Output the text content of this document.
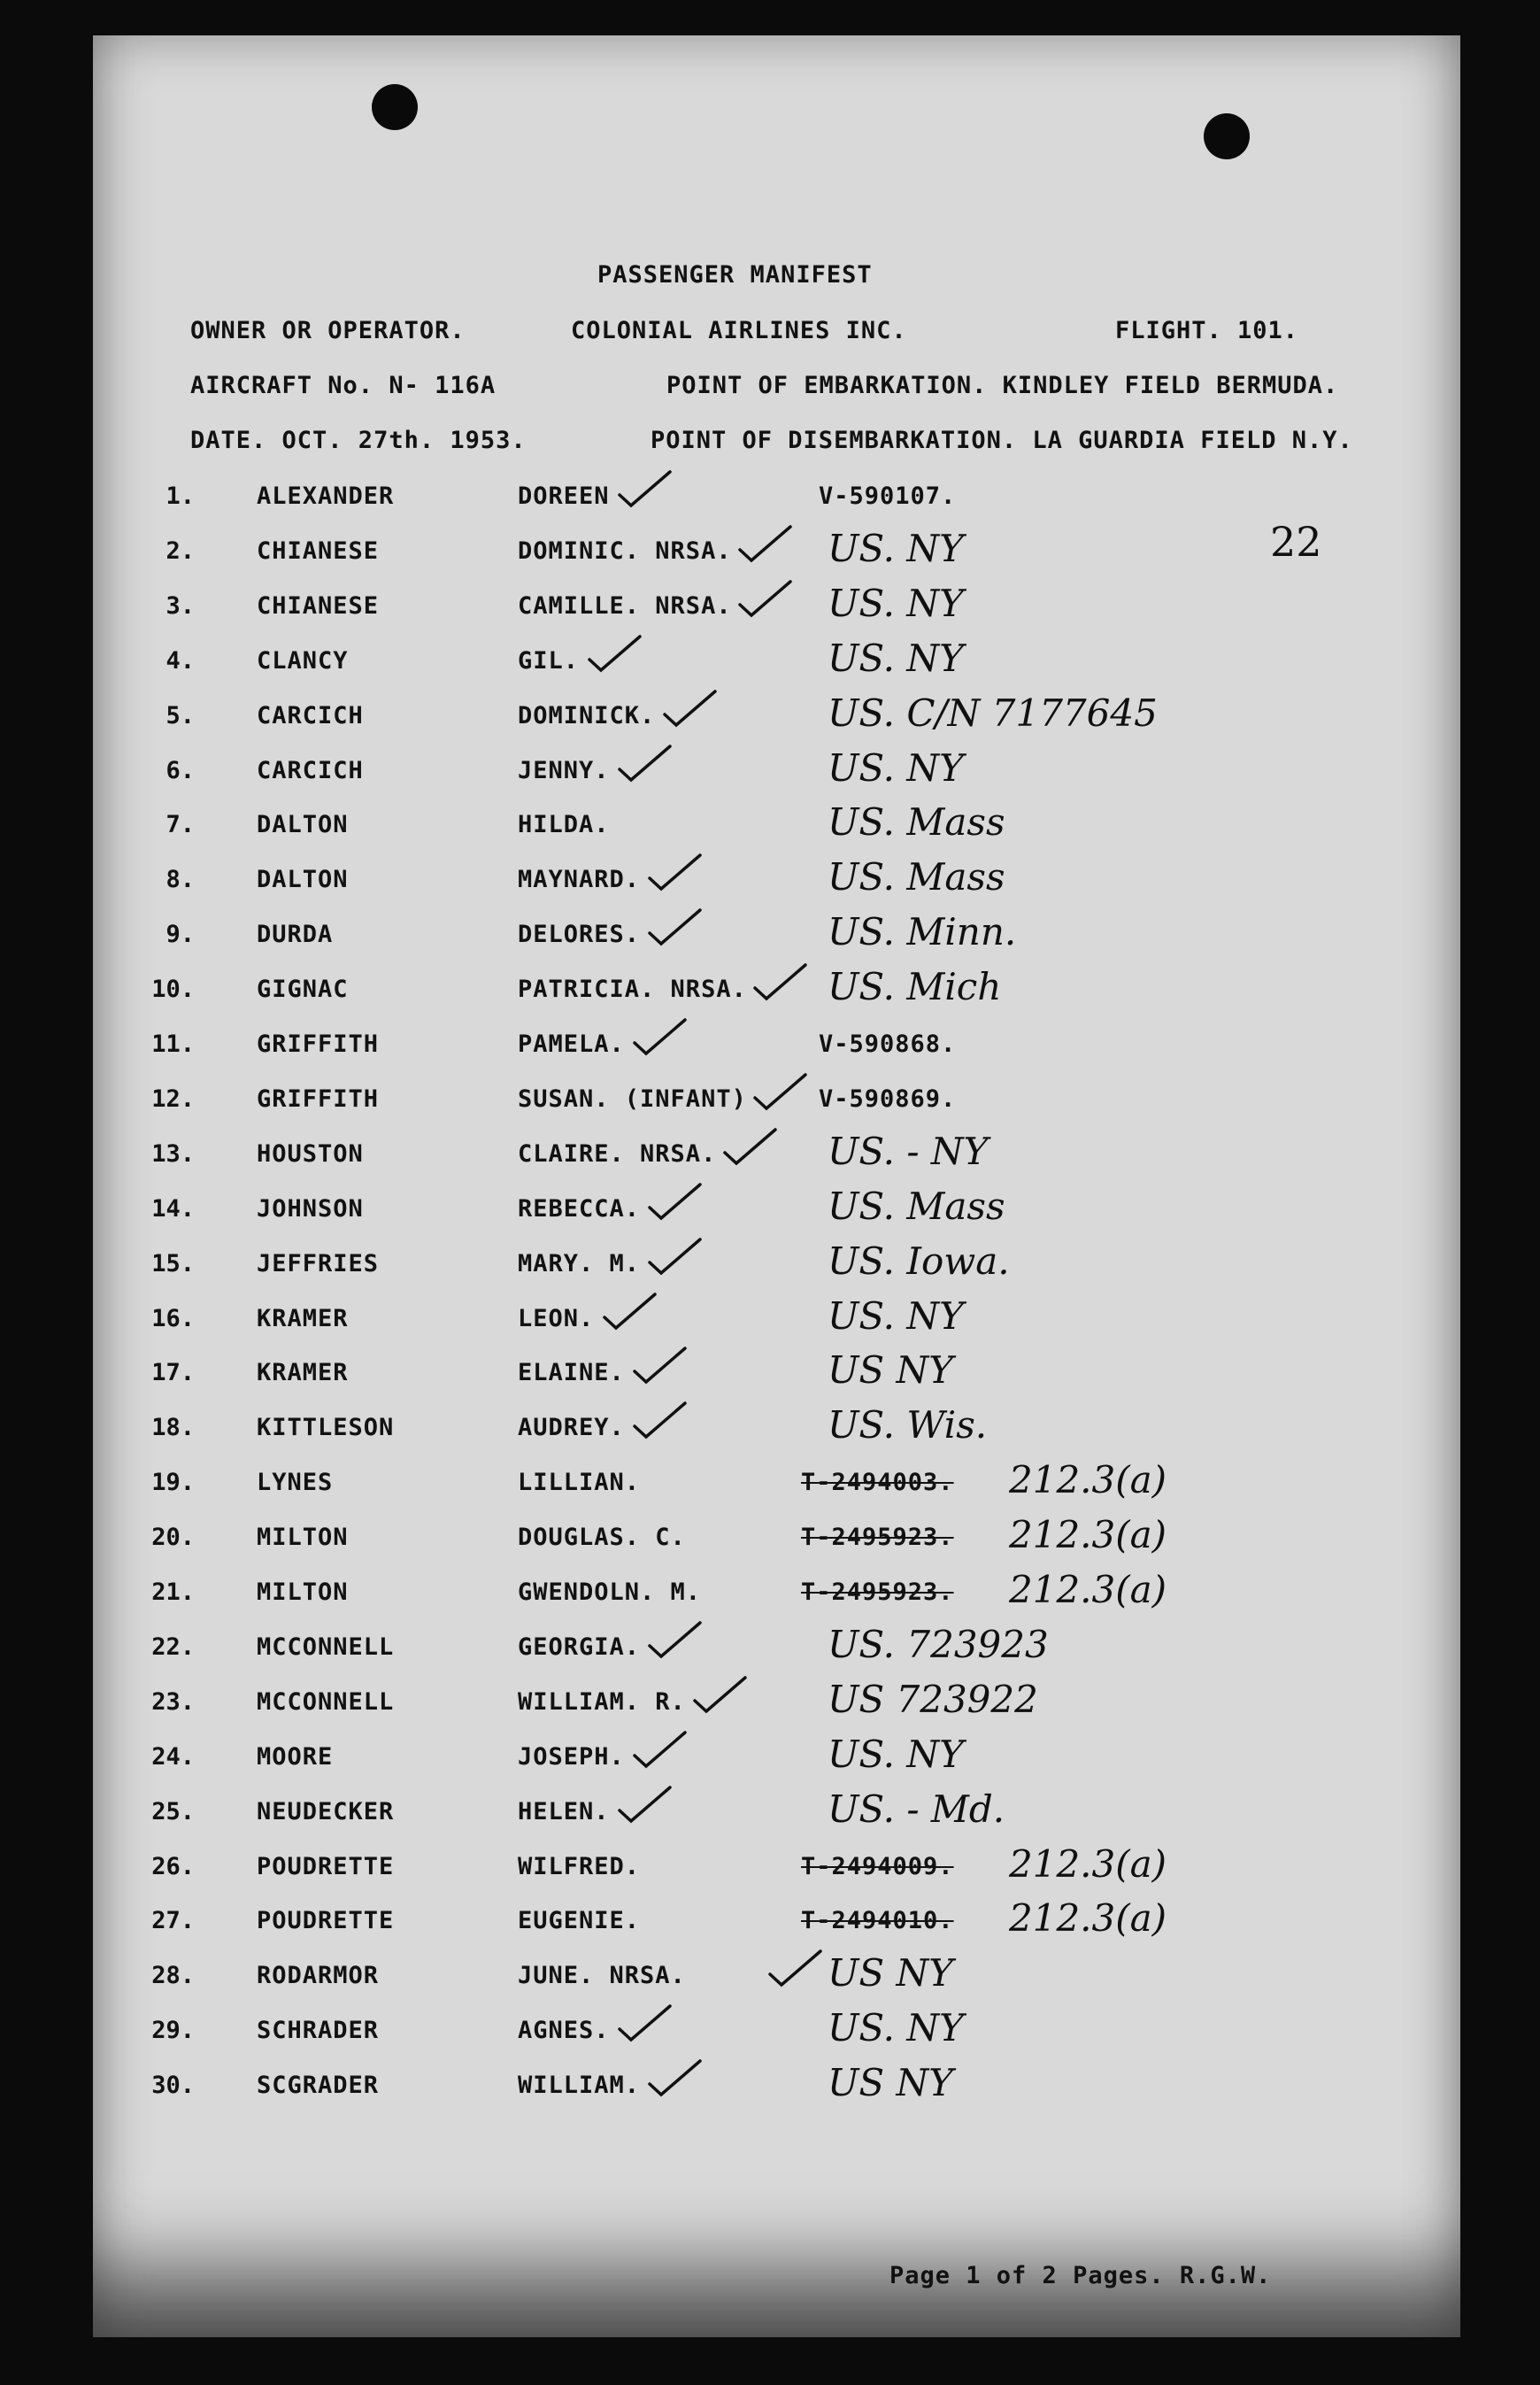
PASSENGER MANIFEST
OWNER OR OPERATOR.	COLONIAL AIRLINES INC.	FLIGHT. 101.
AIRCRAFT No. N- 116A	POINT OF EMBARKATION. KINDLEY FIELD BERMUDA.
DATE. OCT. 27th. 1953.	POINT OF DISEMBARKATION. LA GUARDIA FIELD N.Y.
22
1.	ALEXANDER	DOREEN	V-590107.
2.	CHIANESE	DOMINIC. NRSA.	US. NY
3.	CHIANESE	CAMILLE. NRSA.	US. NY
4.	CLANCY	GIL.	US. NY
5.	CARCICH	DOMINICK.	US. C/N 7177645
6.	CARCICH	JENNY.	US. NY
7.	DALTON	HILDA.	US. Mass
8.	DALTON	MAYNARD.	US. Mass
9.	DURDA	DELORES.	US. Minn.
10.	GIGNAC	PATRICIA. NRSA. US. Mich
11.	GRIFFITH	PAMELA.	V-590868.
12.	GRIFFITH	SUSAN. (INFANT)	V-590869.
13.	HOUSTON	CLAIRE. NRSA.	US. - NY
14.	JOHNSON	REBECCA.	US. Mass
15.	JEFFRIES	MARY. M.	US. Iowa.
16.	KRAMER	LEON.	US. NY
17.	KRAMER	ELAINE.	US NY
18.	KITTLESON	AUDREY.	US. Wis.
19.	LYNES	LILLIAN.	T-2494003. 212.3(a)
20.	MILTON	DOUGLAS. C.	T-2495923. 212.3(a)
21.	MILTON	GWENDOLN. M.	T-2495923. 212.3(a)
22.	MCCONNELL	GEORGIA.	US. 723923
23.	MCCONNELL	WILLIAM. R.	US 723922
24.	MOORE	JOSEPH.	US. NY
25.	NEUDECKER	HELEN.	US. - Md.
26.	POUDRETTE	WILFRED.	T-2494009. 212.3(a)
27.	POUDRETTE	EUGENIE.	T-2494010. 212.3(a)
28.	RODARMOR	JUNE. NRSA.	US NY
29.	SCHRADER	AGNES.	US. NY
30.	SCGRADER	WILLIAM.	US NY
Page 1 of 2 Pages. R.G.W.
